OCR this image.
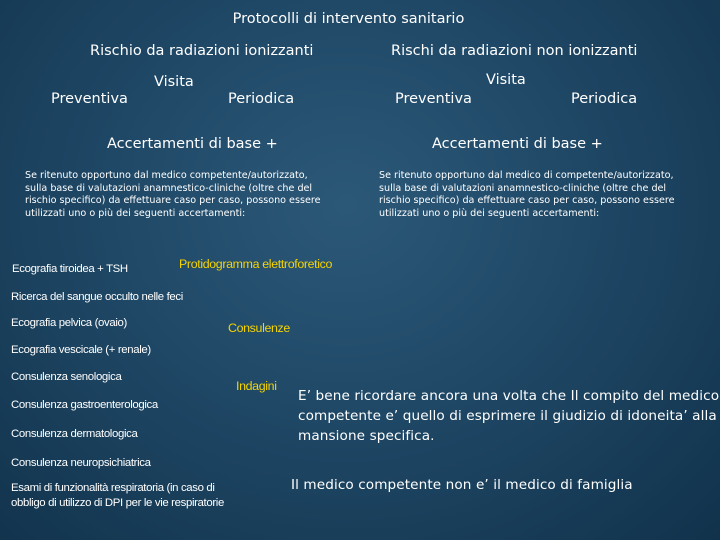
Protocolli di intervento sanitario
Rischio da radiazioni ionizzanti
Preventiva
Visita
Periodica
Accertamenti di base +
Se ritenuto opportuno dal medico competente/autorizzato, sulla base di valutazioni anamnestico-cliniche (oltre che del rischio specifico) da effettuare caso per caso, possono essere utilizzati uno o più dei seguenti accertamenti:
Rischi da radiazioni non ionizzanti
Preventiva
Visita
Periodica
Accertamenti di base +
Se ritenuto opportuno dal medico di competente/autorizzato, sulla base di valutazioni anamnestico-cliniche (oltre che del rischio specifico) da effettuare caso per caso, possono essere utilizzati uno o più dei seguenti accertamenti:
Ecografia tiroidea + TSH	Protidogramma elettroforetico
Ricerca del sangue occulto nelle feci
Ecografia pelvica (ovaio)	Consulenze
Ecografia vescicale (+ renale)
Consulenza senologica
Indagini
Consulenza gastroenterologica
Consulenza dermatologica
Consulenza neuropsichiatrica
Esami di funzionalità respiratoria (in caso di obbligo di utilizzo di DPI per le vie respiratorie
E’ bene ricordare ancora una volta che Il compito del medico competente e’ quello di esprimere il giudizio di idoneita’ alla mansione specifica.
Il medico competente non e’ il medico di famiglia
